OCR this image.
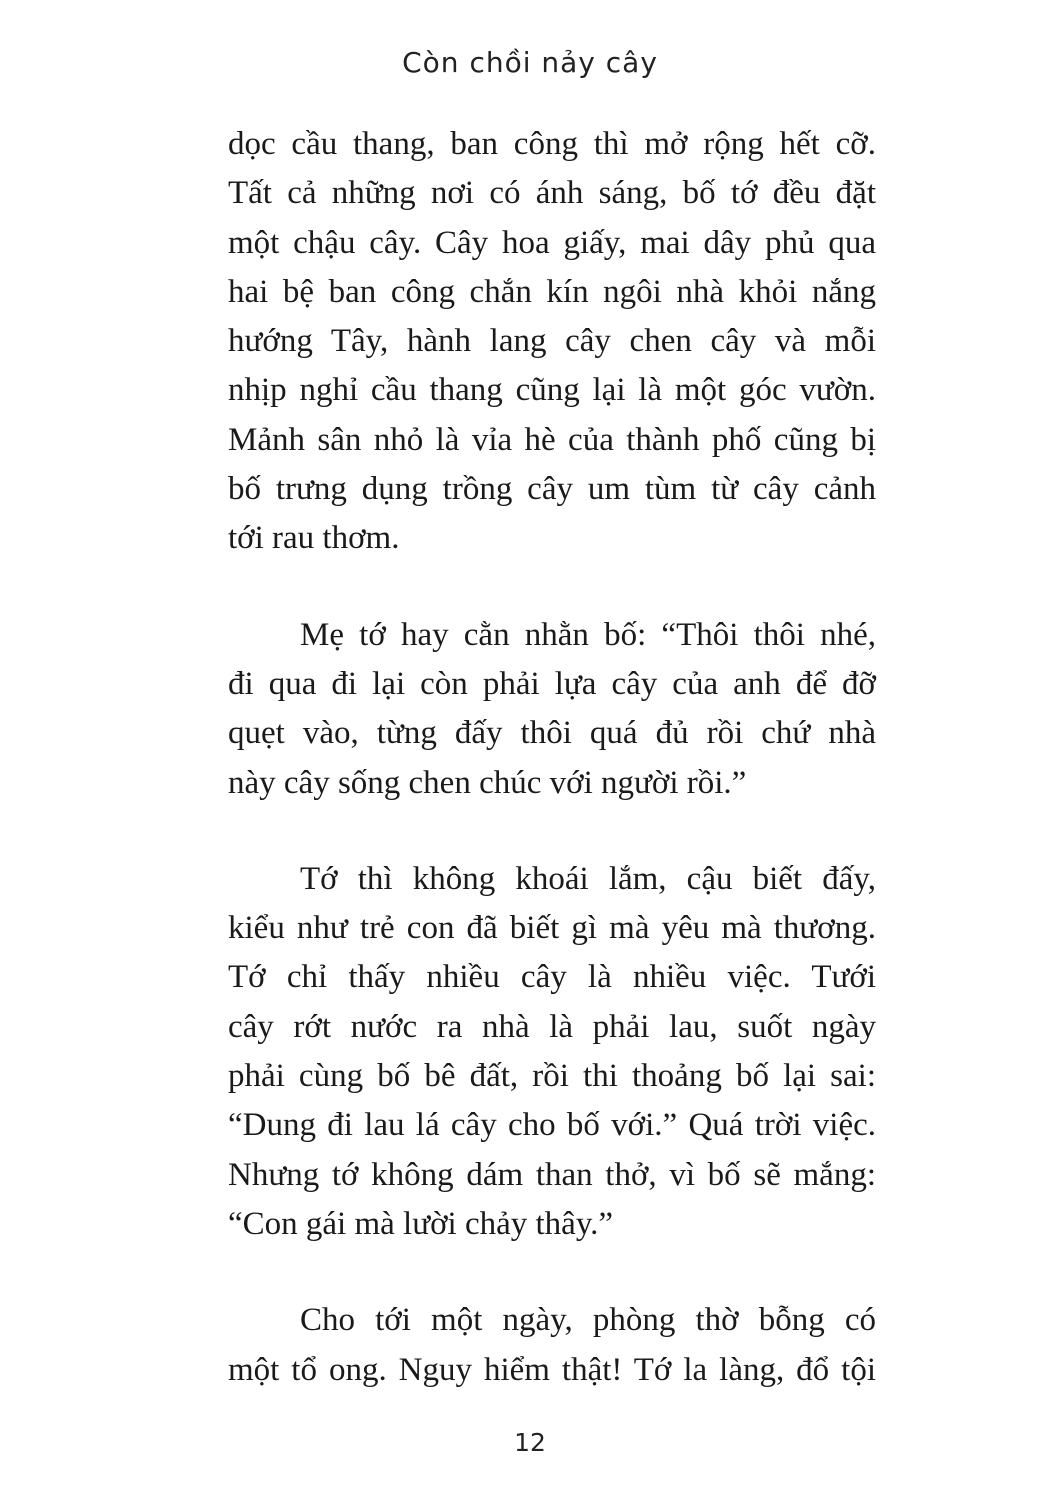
Còn chồi nảy cây

dọc cầu thang, ban công thì mở rộng hết cỡ.
Tất cả những nơi có ánh sáng, bố tớ đều đặt
một chậu cây. Cây hoa giấy, mai dây phủ qua
hai bệ ban công chắn kín ngôi nhà khỏi nắng
hướng Tây, hành lang cây chen cây và mỗi
nhịp nghỉ cầu thang cũng lại là một góc vườn.
Mảnh sân nhỏ là vỉa hè của thành phố cũng bị
bố trưng dụng trồng cây um tùm từ cây cảnh
tới rau thơm.

Mẹ tớ hay cằn nhằn bố: “Thôi thôi nhé,
đi qua đi lại còn phải lựa cây của anh để đỡ
quẹt vào, từng đấy thôi quá đủ rồi chứ nhà
này cây sống chen chúc với người rồi.”

Tớ thì không khoái lắm, cậu biết đấy,
kiểu như trẻ con đã biết gì mà yêu mà thương.
Tớ chỉ thấy nhiều cây là nhiều việc. Tưới
cây rớt nước ra nhà là phải lau, suốt ngày
phải cùng bố bê đất, rồi thi thoảng bố lại sai:
“Dung đi lau lá cây cho bố với.” Quá trời việc.
Nhưng tớ không dám than thở, vì bố sẽ mắng:
“Con gái mà lười chảy thây.”

Cho tới một ngày, phòng thờ bỗng có
một tổ ong. Nguy hiểm thật! Tớ la làng, đổ tội

12
